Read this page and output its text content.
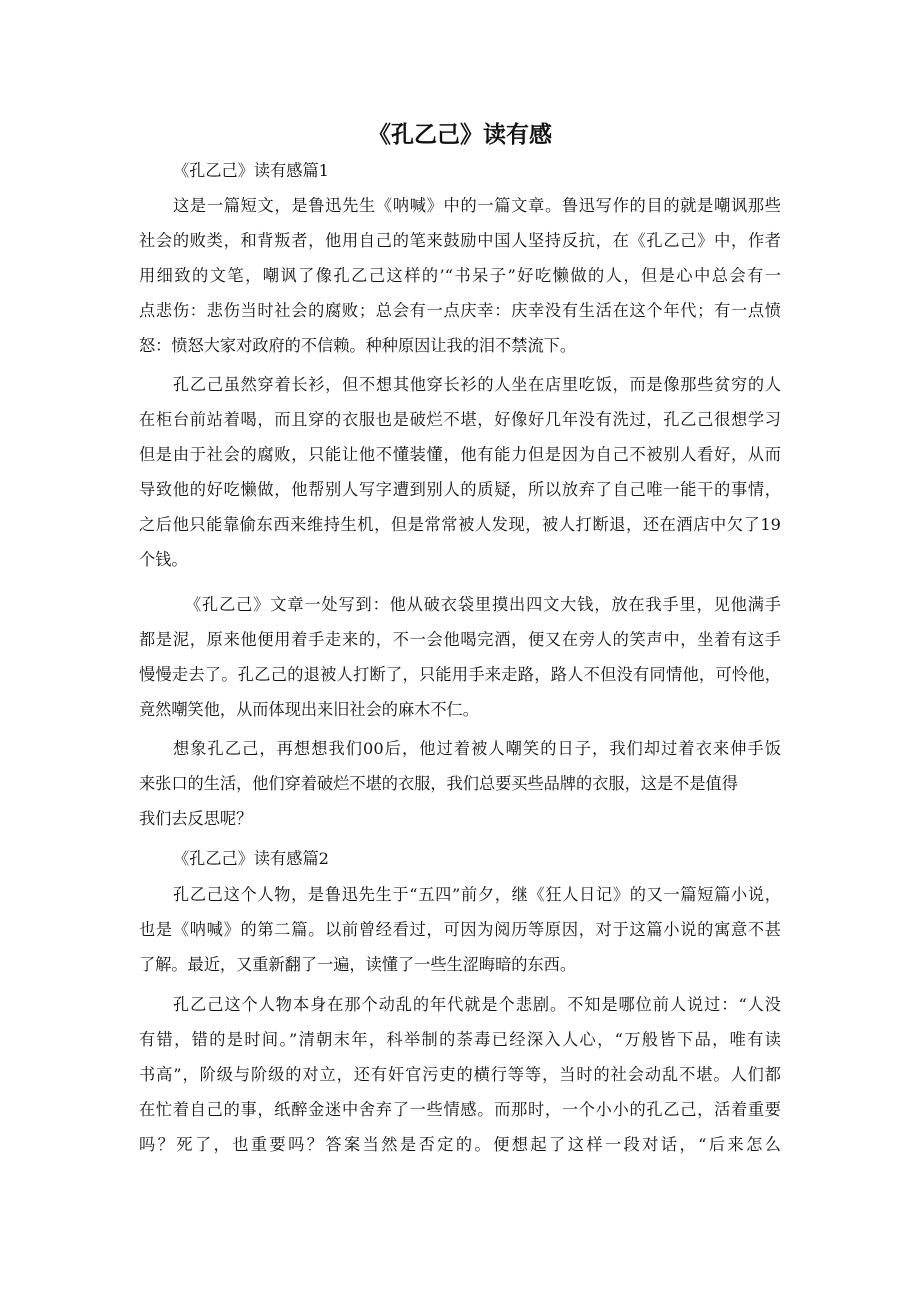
《孔乙己》读有感
《孔乙己》读有感篇1
这是一篇短文，是鲁迅先生《呐喊》中的一篇文章。鲁迅写作的目的就是嘲讽那些
社会的败类，和背叛者，他用自己的笔来鼓励中国人坚持反抗，在《孔乙己》中，作者
用细致的文笔，嘲讽了像孔乙己这样的’“书呆子”好吃懒做的人，但是心中总会有一
点悲伤：悲伤当时社会的腐败；总会有一点庆幸：庆幸没有生活在这个年代；有一点愤
怒：愤怒大家对政府的不信赖。种种原因让我的泪不禁流下。
孔乙己虽然穿着长衫，但不想其他穿长衫的人坐在店里吃饭，而是像那些贫穷的人
在柜台前站着喝，而且穿的衣服也是破烂不堪，好像好几年没有洗过，孔乙己很想学习
但是由于社会的腐败，只能让他不懂装懂，他有能力但是因为自己不被别人看好，从而
导致他的好吃懒做，他帮别人写字遭到别人的质疑，所以放弃了自己唯一能干的事情，
之后他只能靠偷东西来维持生机，但是常常被人发现，被人打断退，还在酒店中欠了19
个钱。
《孔乙己》文章一处写到：他从破衣袋里摸出四文大钱，放在我手里，见他满手
都是泥，原来他便用着手走来的，不一会他喝完酒，便又在旁人的笑声中，坐着有这手
慢慢走去了。孔乙己的退被人打断了，只能用手来走路，路人不但没有同情他，可怜他，
竟然嘲笑他，从而体现出来旧社会的麻木不仁。
想象孔乙己，再想想我们00后，他过着被人嘲笑的日子，我们却过着衣来伸手饭
来张口的生活，他们穿着破烂不堪的衣服，我们总要买些品牌的衣服，这是不是值得
我们去反思呢？
《孔乙己》读有感篇2
孔乙己这个人物，是鲁迅先生于“五四”前夕，继《狂人日记》的又一篇短篇小说，
也是《呐喊》的第二篇。以前曾经看过，可因为阅历等原因，对于这篇小说的寓意不甚
了解。最近，又重新翻了一遍，读懂了一些生涩晦暗的东西。
孔乙己这个人物本身在那个动乱的年代就是个悲剧。不知是哪位前人说过：“人没
有错，错的是时间。”清朝末年，科举制的荼毒已经深入人心，“万般皆下品，唯有读
书高”，阶级与阶级的对立，还有奸官污吏的横行等等，当时的社会动乱不堪。人们都
在忙着自己的事，纸醉金迷中舍弃了一些情感。而那时，一个小小的孔乙己，活着重要
吗？死了，也重要吗？答案当然是否定的。便想起了这样一段对话，“后来怎么
